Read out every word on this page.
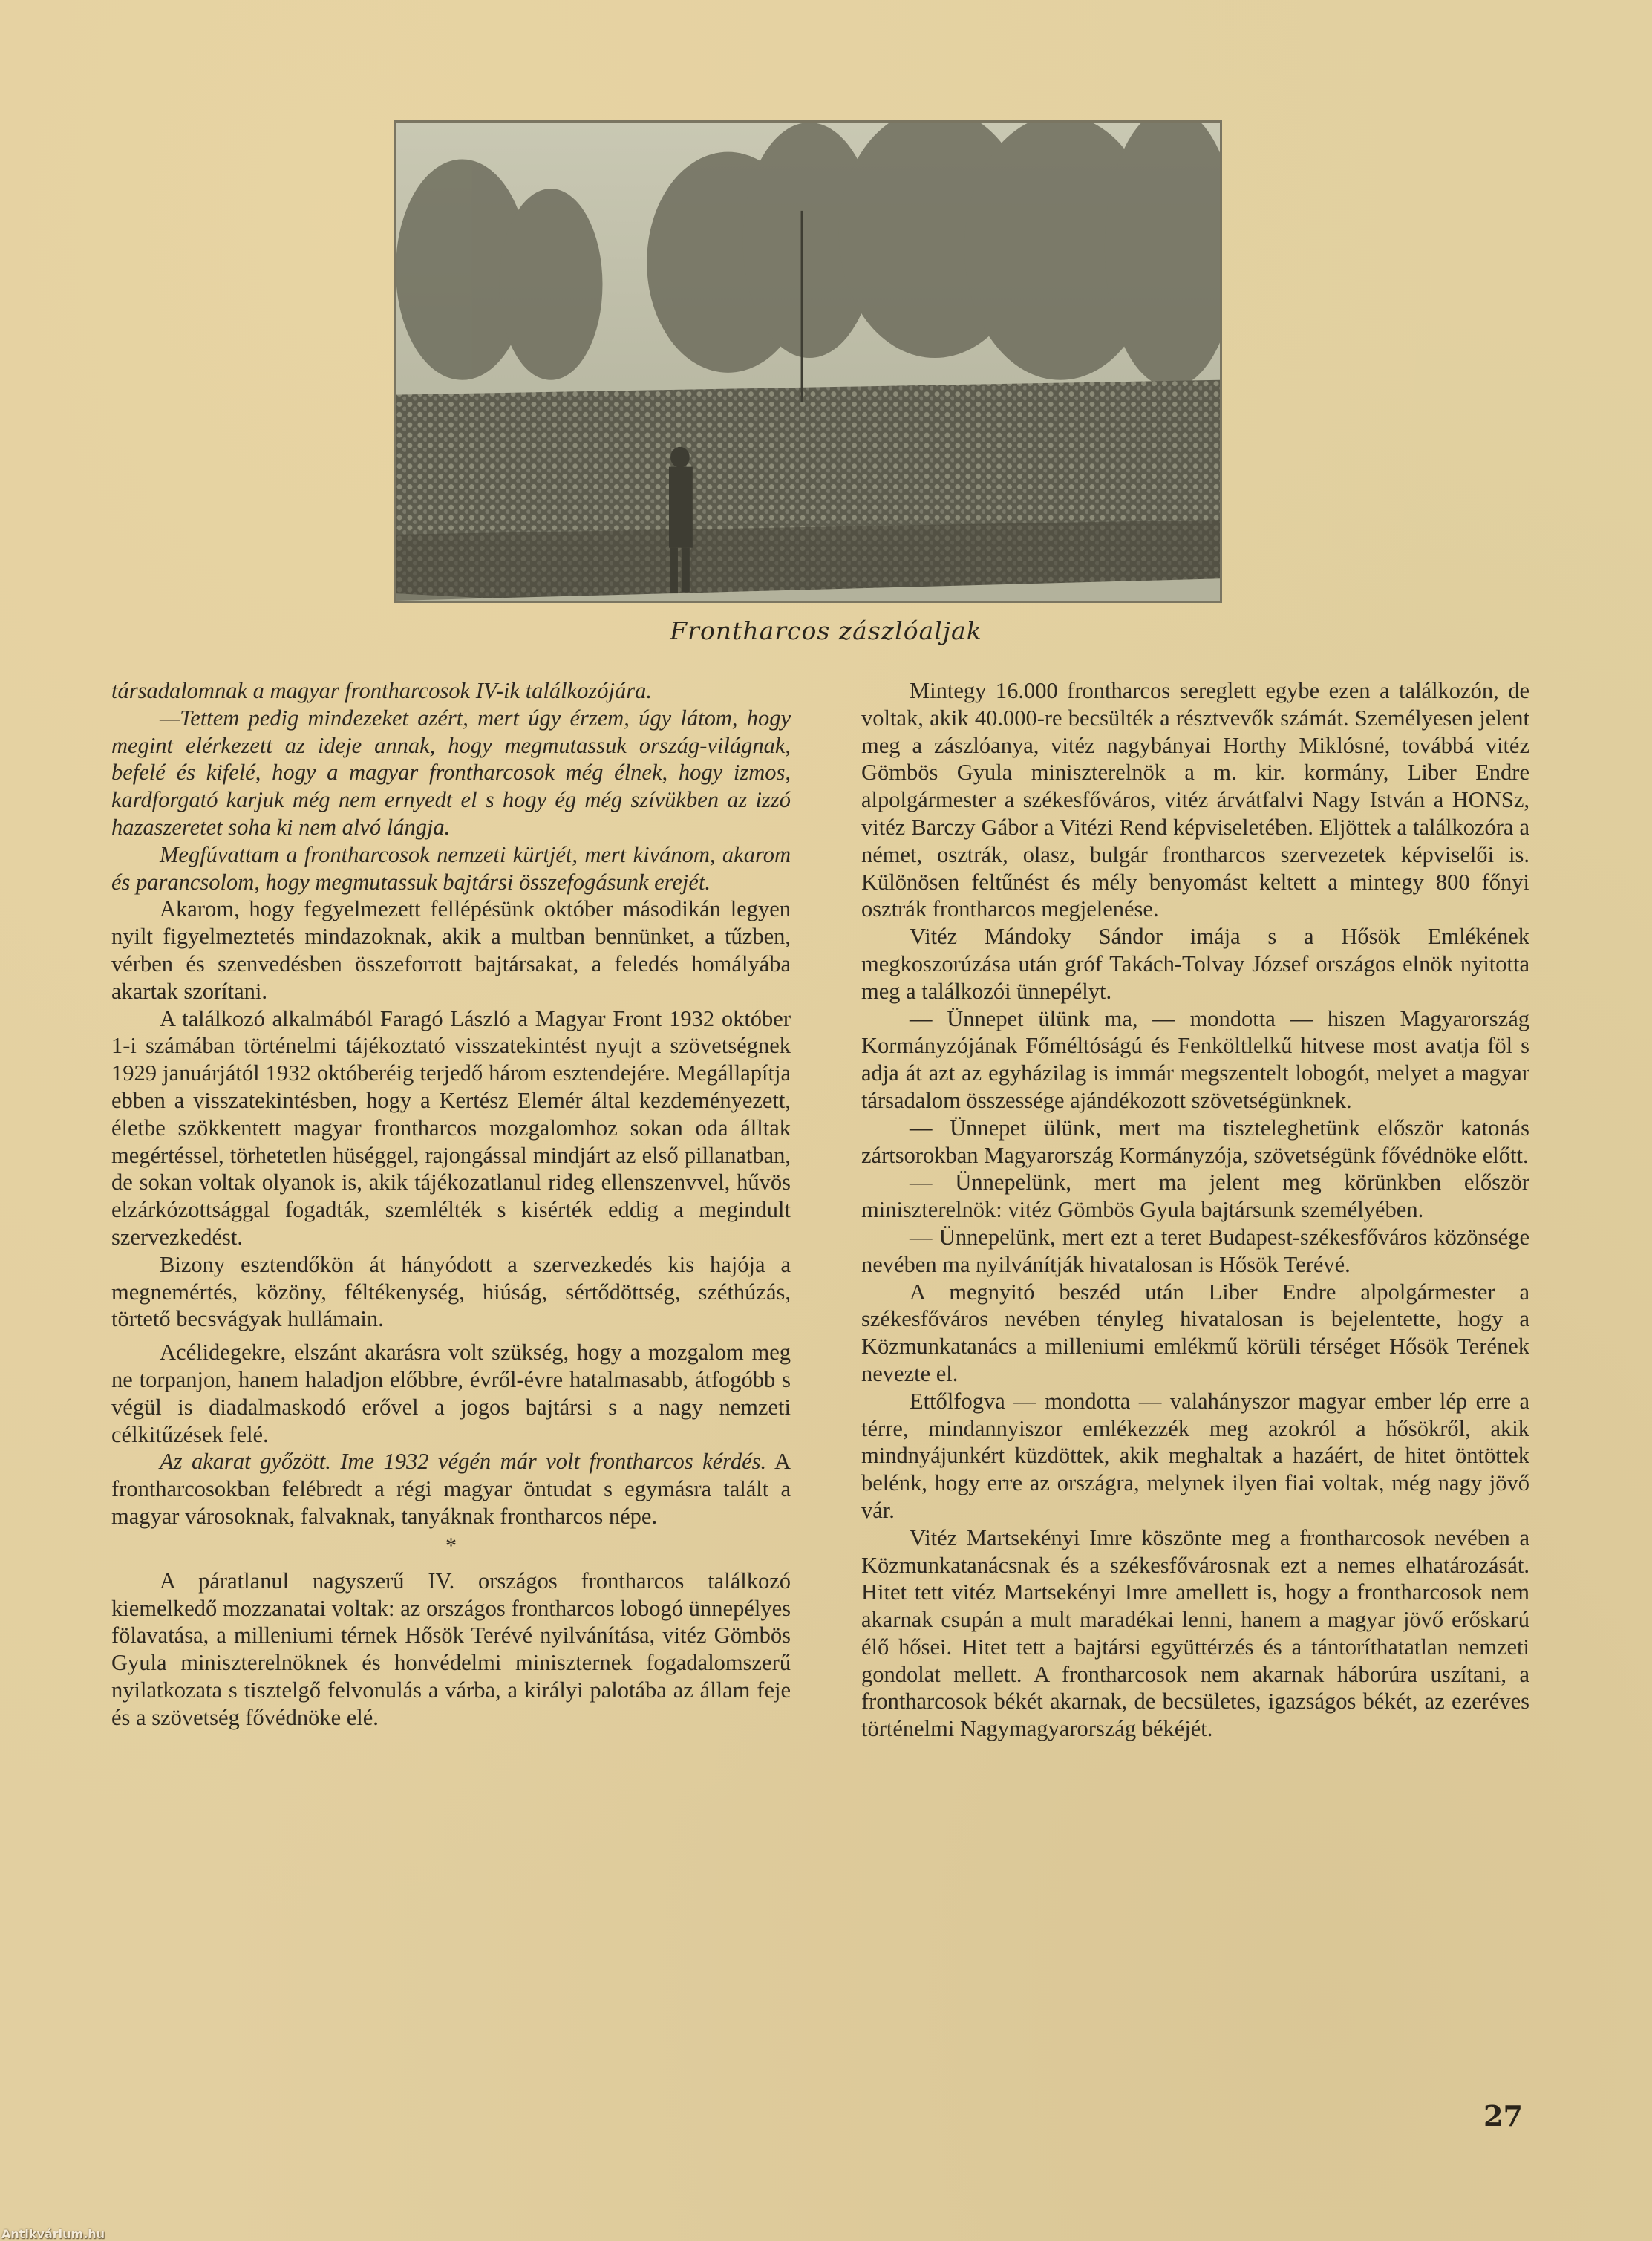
Frontharcos zászlóaljak

társadalomnak a magyar frontharcosok IV-ik találkozójára.

—Tettem pedig mindezeket azért, mert úgy érzem, úgy látom, hogy megint elérkezett az ideje annak, hogy megmutassuk ország-világnak, befelé és kifelé, hogy a magyar frontharcosok még élnek, hogy izmos, kardforgató karjuk még nem ernyedt el s hogy ég még szívükben az izzó hazaszeretet soha ki nem alvó lángja.

Megfúvattam a frontharcosok nemzeti kürtjét, mert kivánom, akarom és parancsolom, hogy megmutassuk bajtársi összefogásunk erejét.

Akarom, hogy fegyelmezett fellépésünk október másodikán legyen nyilt figyelmeztetés mindazoknak, akik a multban bennünket, a tűzben, vérben és szenvedésben összeforrott bajtársakat, a feledés homályába akartak szorítani.

A találkozó alkalmából Faragó László a Magyar Front 1932 október 1-i számában történelmi tájékoztató visszatekintést nyujt a szövetségnek 1929 januárjától 1932 októberéig terjedő három esztendejére. Megállapítja ebben a visszatekintésben, hogy a Kertész Elemér által kezdeményezett, életbe szökkentett magyar frontharcos mozgalomhoz sokan oda álltak megértéssel, törhetetlen hüséggel, rajongással mindjárt az első pillanatban, de sokan voltak olyanok is, akik tájékozatlanul rideg ellenszenvvel, hűvös elzárkózottsággal fogadták, szemlélték s kisérték eddig a megindult szervezkedést.

Bizony esztendőkön át hányódott a szervezkedés kis hajója a megnemértés, közöny, féltékenység, hiúság, sértődöttség, széthúzás, törtető becsvágyak hullámain.

Acélidegekre, elszánt akarásra volt szükség, hogy a mozgalom meg ne torpanjon, hanem haladjon előbbre, évről-évre hatalmasabb, átfogóbb s végül is diadalmaskodó erővel a jogos bajtársi s a nagy nemzeti célkitűzések felé.

Az akarat győzött. Ime 1932 végén már volt frontharcos kérdés. A frontharcosokban felébredt a régi magyar öntudat s egymásra talált a magyar városoknak, falvaknak, tanyáknak frontharcos népe.

*

A páratlanul nagyszerű IV. országos frontharcos találkozó kiemelkedő mozzanatai voltak: az országos frontharcos lobogó ünnepélyes fölavatása, a milleniumi térnek Hősök Terévé nyilvánítása, vitéz Gömbös Gyula miniszterelnöknek és honvédelmi miniszternek fogadalomszerű nyilatkozata s tisztelgő felvonulás a várba, a királyi palotába az állam feje és a szövetség fővédnöke elé.

Mintegy 16.000 frontharcos sereglett egybe ezen a találkozón, de voltak, akik 40.000-re becsülték a résztvevők számát. Személyesen jelent meg a zászlóanya, vitéz nagybányai Horthy Miklósné, továbbá vitéz Gömbös Gyula miniszterelnök a m. kir. kormány, Liber Endre alpolgármester a székesfőváros, vitéz árvátfalvi Nagy István a HONSz, vitéz Barczy Gábor a Vitézi Rend képviseletében. Eljöttek a találkozóra a német, osztrák, olasz, bulgár frontharcos szervezetek képviselői is. Különösen feltűnést és mély benyomást keltett a mintegy 800 főnyi osztrák frontharcos megjelenése.

Vitéz Mándoky Sándor imája s a Hősök Emlékének megkoszorúzása után gróf Takách-Tolvay József országos elnök nyitotta meg a találkozói ünnepélyt.

— Ünnepet ülünk ma, — mondotta — hiszen Magyarország Kormányzójának Főméltóságú és Fenköltlelkű hitvese most avatja föl s adja át azt az egyházilag is immár megszentelt lobogót, melyet a magyar társadalom összessége ajándékozott szövetségünknek.

— Ünnepet ülünk, mert ma tiszteleghetünk először katonás zártsorokban Magyarország Kormányzója, szövetségünk fővédnöke előtt.

— Ünnepelünk, mert ma jelent meg körünkben először miniszterelnök: vitéz Gömbös Gyula bajtársunk személyében.

— Ünnepelünk, mert ezt a teret Budapest-székesfőváros közönsége nevében ma nyilvánítják hivatalosan is Hősök Terévé.

A megnyitó beszéd után Liber Endre alpolgármester a székesfőváros nevében tényleg hivatalosan is bejelentette, hogy a Közmunkatanács a milleniumi emlékmű körüli térséget Hősök Terének nevezte el.

Ettőlfogva — mondotta — valahányszor magyar ember lép erre a térre, mindannyiszor emlékezzék meg azokról a hősökről, akik mindnyájunkért küzdöttek, akik meghaltak a hazáért, de hitet öntöttek belénk, hogy erre az országra, melynek ilyen fiai voltak, még nagy jövő vár.

Vitéz Martsekényi Imre köszönte meg a frontharcosok nevében a Közmunkatanácsnak és a székesfővárosnak ezt a nemes elhatározását. Hitet tett vitéz Martsekényi Imre amellett is, hogy a frontharcosok nem akarnak csupán a mult maradékai lenni, hanem a magyar jövő erőskarú élő hősei. Hitet tett a bajtársi együttérzés és a tántoríthatatlan nemzeti gondolat mellett. A frontharcosok nem akarnak háborúra uszítani, a frontharcosok békét akarnak, de becsületes, igazságos békét, az ezeréves történelmi Nagymagyarország békéjét.

27
Antikvárium.hu
